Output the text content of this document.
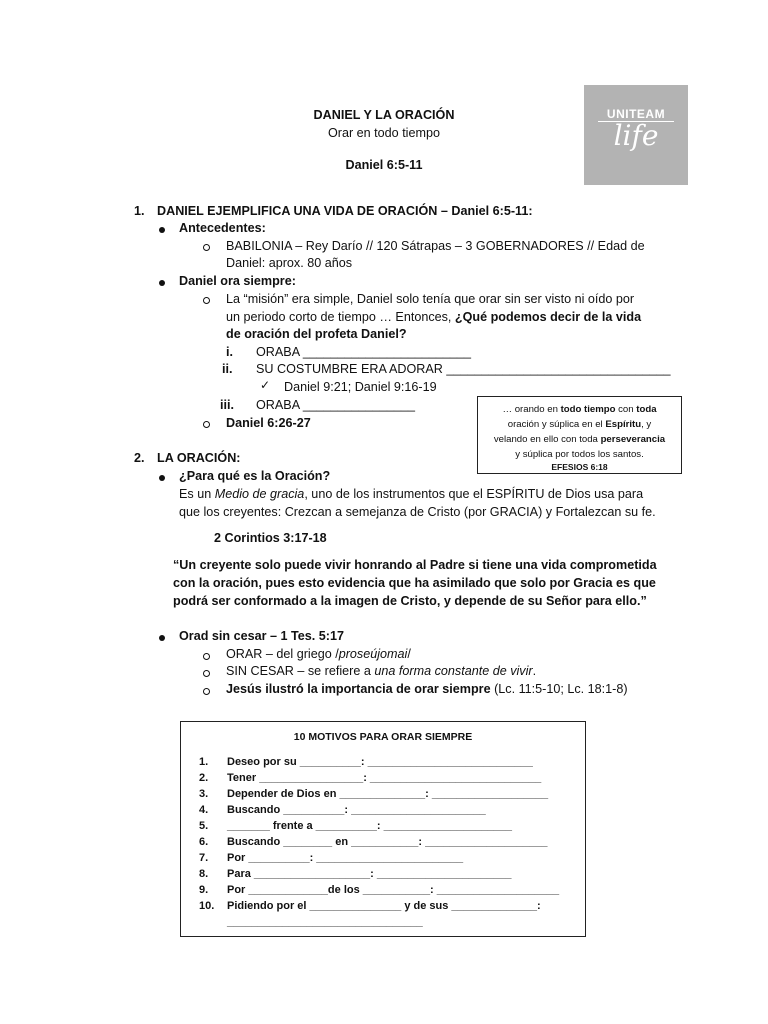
DANIEL Y LA ORACIÓN
Orar en todo tiempo
Daniel 6:5-11
UNITEAM
life
1. DANIEL EJEMPLIFICA UNA VIDA DE ORACIÓN – Daniel 6:5-11:
Antecedentes:
BABILONIA – Rey Darío // 120 Sátrapas – 3 GOBERNADORES // Edad de
Daniel: aprox. 80 años
Daniel ora siempre:
La “misión” era simple, Daniel solo tenía que orar sin ser visto ni oído por
un periodo corto de tiempo … Entonces, ¿Qué podemos decir de la vida
de oración del profeta Daniel?
i. ORABA ________________________
ii. SU COSTUMBRE ERA ADORAR ________________________________
✓ Daniel 9:21; Daniel 9:16-19
iii. ORABA ________________
Daniel 6:26-27
… orando en todo tiempo con toda
oración y súplica en el Espíritu, y
velando en ello con toda perseverancia
y súplica por todos los santos.
EFESIOS 6:18
2. LA ORACIÓN:
¿Para qué es la Oración?
Es un Medio de gracia, uno de los instrumentos que el ESPÍRITU de Dios usa para
que los creyentes: Crezcan a semejanza de Cristo (por GRACIA) y Fortalezcan su fe.
2 Corintios 3:17-18
“Un creyente solo puede vivir honrando al Padre si tiene una vida comprometida
con la oración, pues esto evidencia que ha asimilado que solo por Gracia es que
podrá ser conformado a la imagen de Cristo, y depende de su Señor para ello.”
Orad sin cesar – 1 Tes. 5:17
ORAR – del griego /proseújomai/
SIN CESAR – se refiere a una forma constante de vivir.
Jesús ilustró la importancia de orar siempre (Lc. 11:5-10; Lc. 18:1-8)
10 MOTIVOS PARA ORAR SIEMPRE
1. Deseo por su __________: ___________________________
2. Tener _________________: ____________________________
3. Depender de Dios en ______________: ___________________
4. Buscando __________: ______________________
5. _______ frente a __________: _____________________
6. Buscando ________ en ___________: ____________________
7. Por __________: ________________________
8. Para ___________________: ______________________
9. Por _____________de los ___________: ____________________
10. Pidiendo por el _______________ y de sus ______________:
________________________________
